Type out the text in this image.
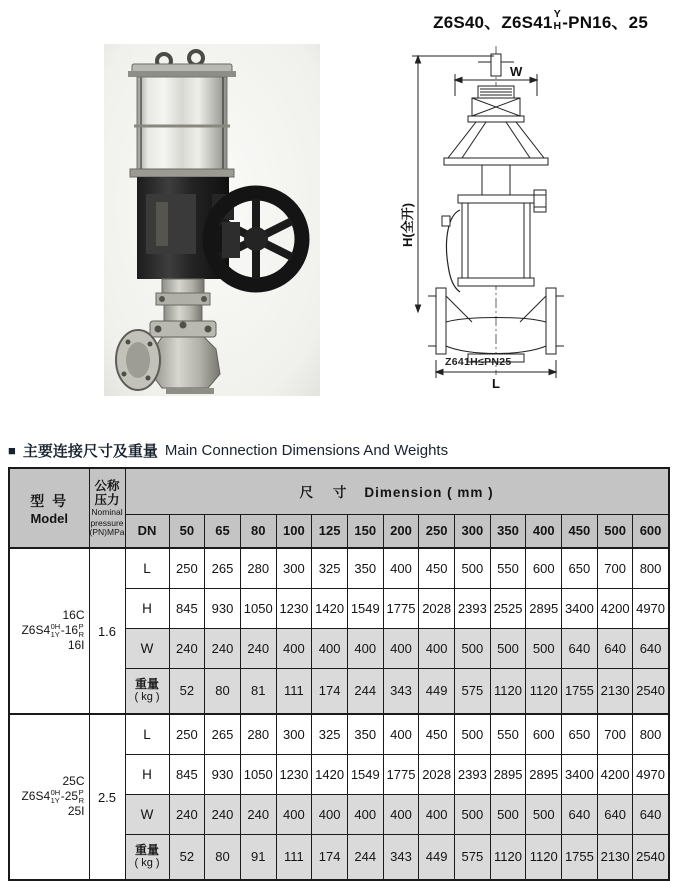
Z6S40、Z6S41 Y
H -PN16、25
W
H(全开)
L
Z641H≤PN25
■ 主要连接尺寸及重量 Main Connection Dimensions And Weights
型 号
Model

公称
压力
Nominal
pressure
(PN)MPa
	尺 寸 Dimension ( mm )
		DN	50	65	80	100	125	150	200	250	300	350	400	450	500	600

16C
Z6S4 0H
1Y -16 P
R
16I
	1.6	L	250	265	280	300	325	350	400	450	500	550	600	650	700	800
		H	845	930	1050	1230	1420	1549	1775	2028	2393	2525	2895	3400	4200	4970
		W	240	240	240	400	400	400	400	400	500	500	500	640	640	640

		重量
( kg )	52	80	81	111	174	244	343	449	575	1120	1120	1755	2130	2540

25C
Z6S4 0H
1Y -25 P
R
25I
	2.5	L	250	265	280	300	325	350	400	450	500	550	600	650	700	800
		H	845	930	1050	1230	1420	1549	1775	2028	2393	2895	2895	3400	4200	4970
		W	240	240	240	400	400	400	400	400	500	500	500	640	640	640

		重量
( kg )	52	80	91	111	174	244	343	449	575	1120	1120	1755	2130	2540
